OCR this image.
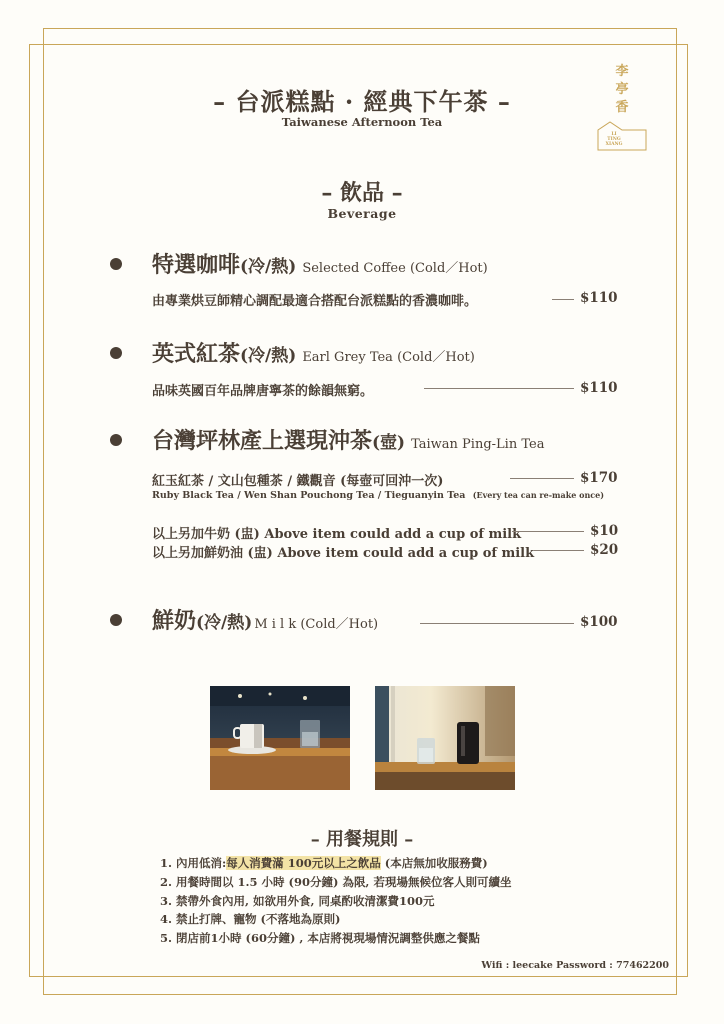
– 台派糕點 · 經典下午茶 –
Taiwanese Afternoon Tea
李
亭
香
LI
TING
XIANG
– 飲品 –
Beverage
特選咖啡(冷/熱) Selected Coffee (Cold／Hot)
由專業烘豆師精心調配最適合搭配台派糕點的香濃咖啡。	$110
英式紅茶(冷/熱) Earl Grey Tea (Cold／Hot)
品味英國百年品牌唐寧茶的餘韻無窮。	$110
台灣坪林產上選現沖茶(壺) Taiwan Ping-Lin Tea
紅玉紅茶 / 文山包種茶 / 鐵觀音 (每壺可回沖一次)	$170
Ruby Black Tea / Wen Shan Pouchong Tea / Tieguanyin Tea (Every tea can re-make once)
以上另加牛奶 (盅) Above item could add a cup of milk	$10
以上另加鮮奶油 (盅) Above item could add a cup of milk	$20
鮮奶(冷/熱) M i l k (Cold／Hot)	$100
– 用餐規則 –
1. 內用低消:每人消費滿 100元以上之飲品 (本店無加收服務費)
2. 用餐時間以 1.5 小時 (90分鐘) 為限, 若現場無候位客人則可續坐
3. 禁帶外食內用, 如欲用外食, 同桌酌收清潔費100元
4. 禁止打牌、寵物 (不落地為原則)
5. 閉店前1小時 (60分鐘) , 本店將視現場情況調整供應之餐點
Wifi : leecake Password : 77462200
